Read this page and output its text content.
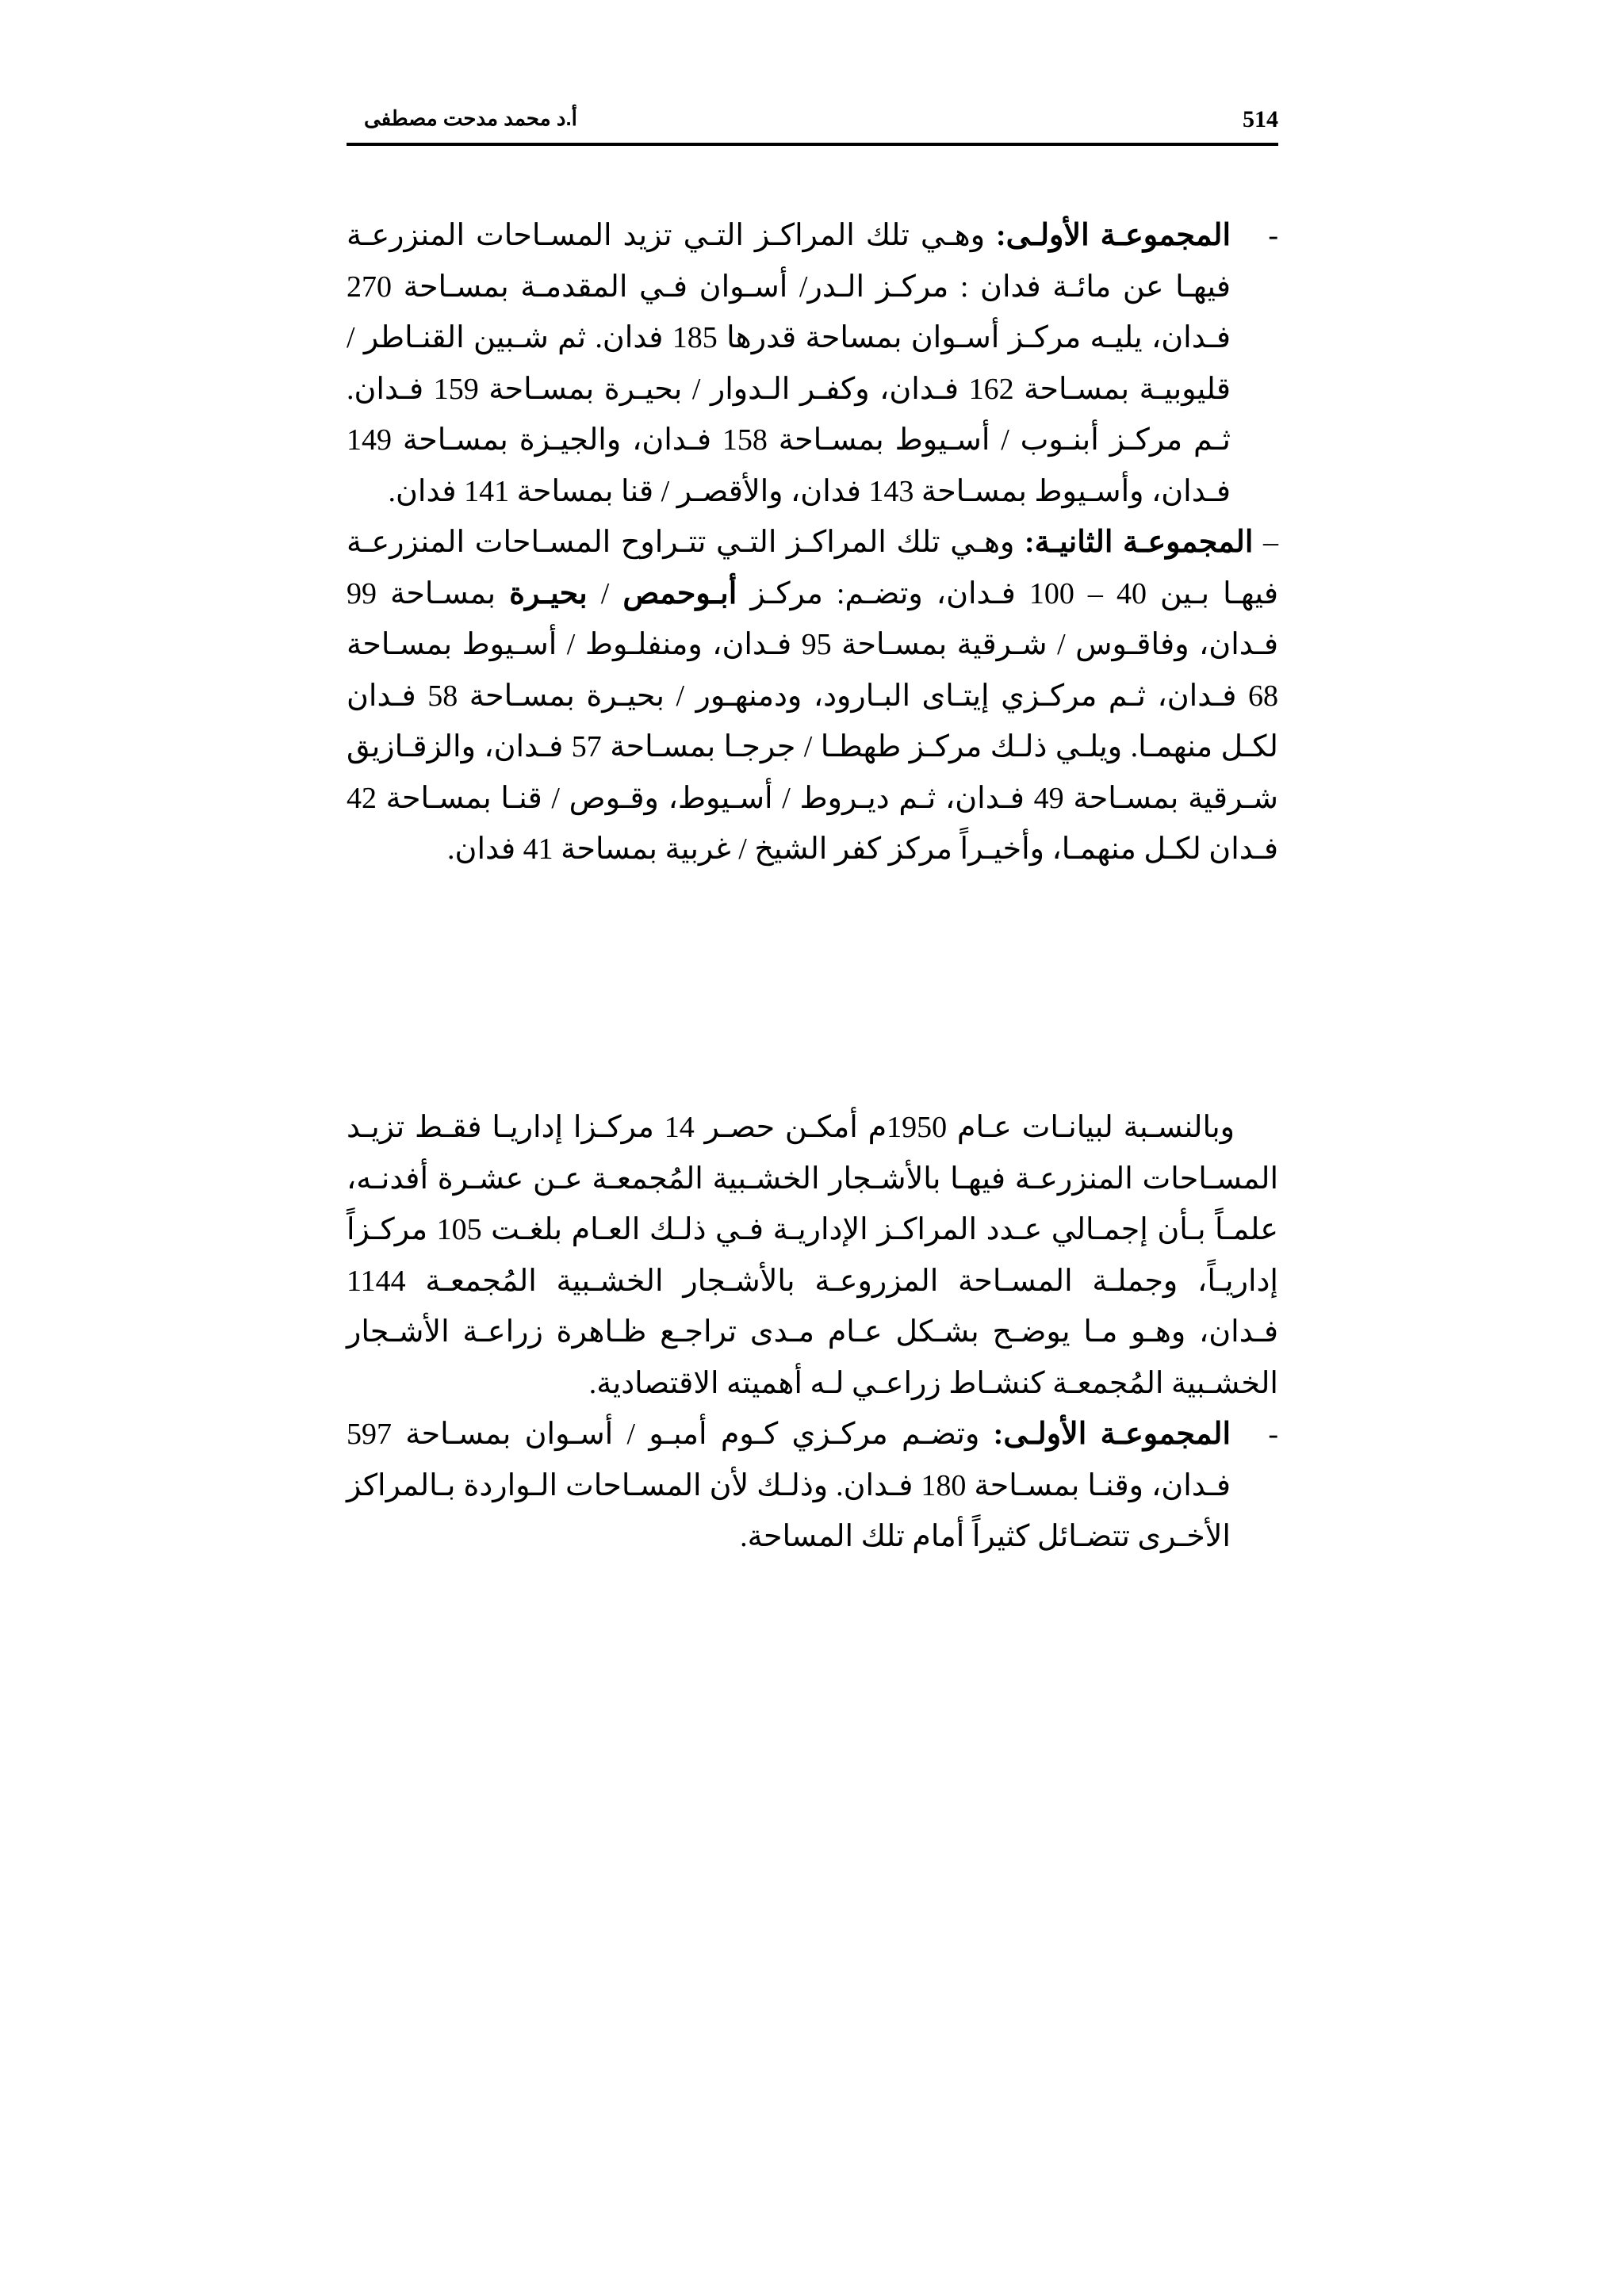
514
أ.د محمد مدحت مصطفى

-
المجموعـة الأولـى: وهـي تلك المراكـز التـي تزيد المسـاحات المنزرعـة فيهـا عن مائـة فدان : مركـز الـدر/ أسـوان فـي المقدمـة بمسـاحة 270 فـدان، يليـه مركـز أسـوان بمساحة قدرها 185 فدان. ثم شـبين القنـاطر / قليوبيـة بمسـاحة 162 فـدان، وكفـر الـدوار / بحيـرة بمسـاحة 159 فـدان. ثـم مركـز أبنـوب / أسـيوط بمسـاحة 158 فـدان، والجيـزة بمسـاحة 149 فـدان، وأسـيوط بمسـاحة 143 فدان، والأقصـر / قنا بمساحة 141 فدان.

– المجموعـة الثانيـة: وهـي تلك المراكـز التـي تتـراوح المسـاحات المنزرعـة فيهـا بـين 40 – 100 فـدان، وتضـم: مركـز أبـوحمص / بحيـرة بمسـاحة 99 فـدان، وفاقـوس / شـرقية بمسـاحة 95 فـدان، ومنفلـوط / أسـيوط بمسـاحة 68 فـدان، ثـم مركـزي إيتـاى البـارود، ودمنهـور / بحيـرة بمسـاحة 58 فـدان لكـل منهمـا. ويلـي ذلـك مركـز طهطـا / جرجـا بمسـاحة 57 فـدان، والزقـازيق شـرقية بمسـاحة 49 فـدان، ثـم ديـروط / أسـيوط، وقـوص / قنـا بمسـاحة 42 فـدان لكـل منهمـا، وأخيـراً مركز كفر الشيخ / غربية بمساحة 41 فدان.

وبالنسـبة لبيانـات عـام 1950م أمكـن حصـر 14 مركـزا إداريـا فقـط تزيـد المسـاحات المنزرعـة فيهـا بالأشـجار الخشـبية المُجمعـة عـن عشـرة أفدنـه، علمـاً بـأن إجمـالي عـدد المراكـز الإداريـة فـي ذلـك العـام بلغـت 105 مركـزاً إداريـاً، وجملـة المسـاحة المزروعـة بالأشـجار الخشـبية المُجمعـة 1144 فـدان، وهـو مـا يوضـح بشـكل عـام مـدى تراجـع ظـاهرة زراعـة الأشـجار الخشـبية المُجمعـة كنشـاط زراعـي لـه أهميته الاقتصادية.

-
المجموعـة الأولـى: وتضـم مركـزي كـوم أمبـو / أسـوان بمسـاحة 597 فـدان، وقنـا بمسـاحة 180 فـدان. وذلـك لأن المسـاحات الـواردة بـالمراكز الأخـرى تتضـائل كثيراً أمام تلك المساحة.
